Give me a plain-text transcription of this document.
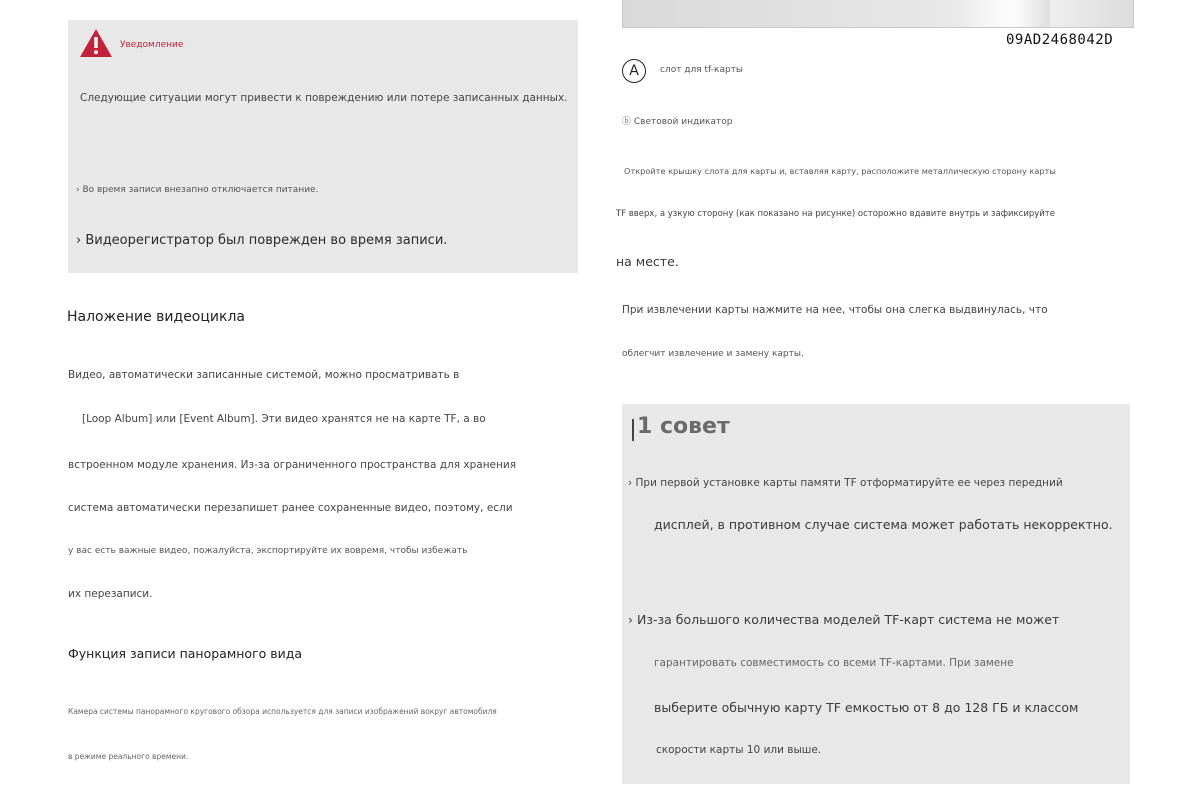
Уведомление
Следующие ситуации могут привести к повреждению или потере записанных данных.
› Во время записи внезапно отключается питание.
› Видеорегистратор был поврежден во время записи.
Наложение видеоцикла
Видео, автоматически записанные системой, можно просматривать в
[Loop Album] или [Event Album]. Эти видео хранятся не на карте TF, а во
встроенном модуле хранения. Из-за ограниченного пространства для хранения
система автоматически перезапишет ранее сохраненные видео, поэтому, если
у вас есть важные видео, пожалуйста, экспортируйте их вовремя, чтобы избежать
их перезаписи.
Функция записи панорамного вида
Камера системы панорамного кругового обзора используется для записи изображений вокруг автомобиля
в режиме реального времени.
09AD2468042D
A	слот для tf-карты
ⓑ Световой индикатор
Откройте крышку слота для карты и, вставляя карту, расположите металлическую сторону карты
TF вверх, а узкую сторону (как показано на рисунке) осторожно вдавите внутрь и зафиксируйте
на месте.
При извлечении карты нажмите на нее, чтобы она слегка выдвинулась, что
облегчит извлечение и замену карты.
1 совет
› При первой установке карты памяти TF отформатируйте ее через передний
дисплей, в противном случае система может работать некорректно.
› Из-за большого количества моделей TF-карт система не может
гарантировать совместимость со всеми TF-картами. При замене
выберите обычную карту TF емкостью от 8 до 128 ГБ и классом
скорости карты 10 или выше.
